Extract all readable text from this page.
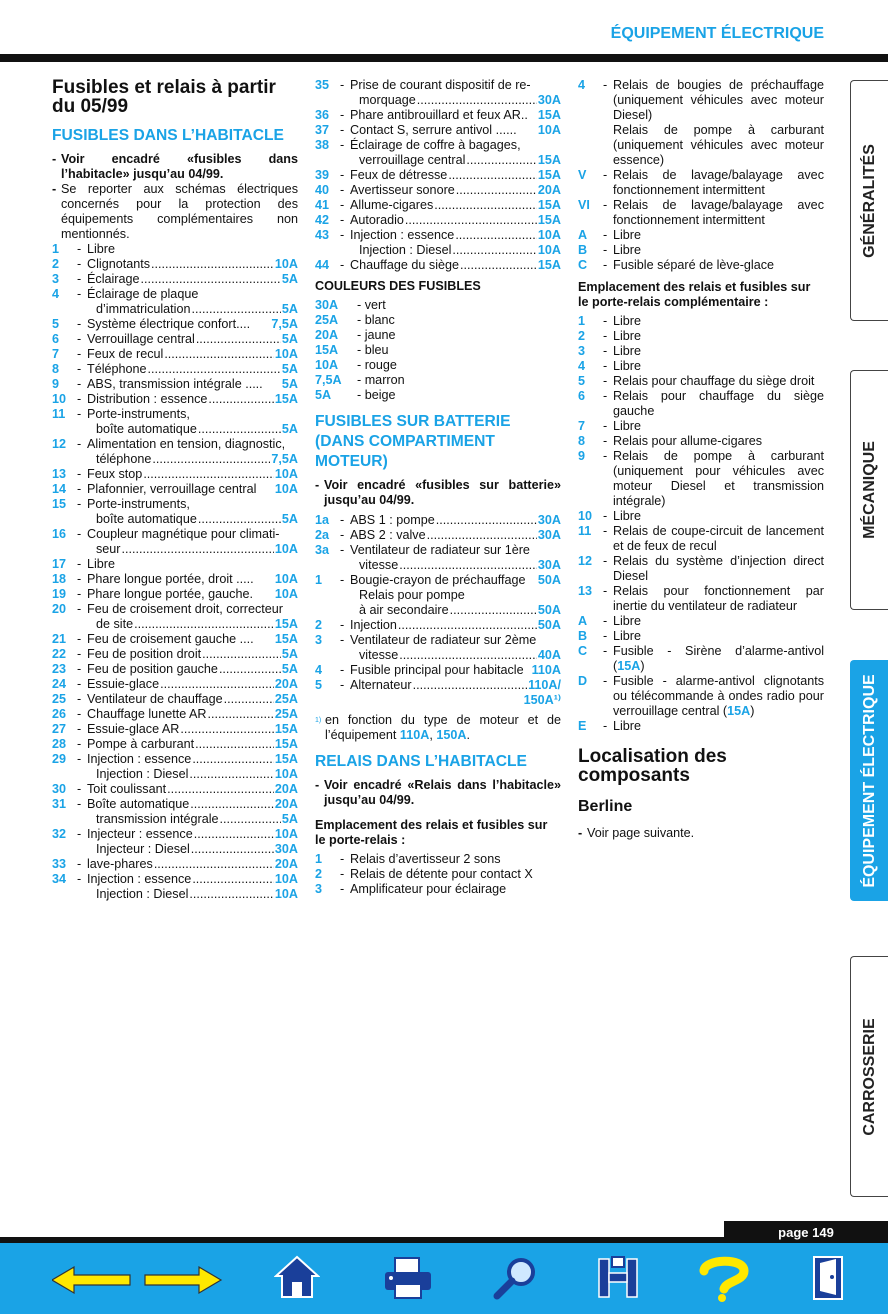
ÉQUIPEMENT ÉLECTRIQUE
Fusibles et relais à partir du 05/99
FUSIBLES DANS L’HABITACLE
- Voir encadré «fusibles dans l’habitacle» jusqu’au 04/99.
- Se reporter aux schémas électriques concernés pour la protection des équipements complémentaires non mentionnés.
1	- Libre
2	- Clignotants .....	10A
3	- Éclairage .....	5A
4	- Éclairage de plaque
d’immatriculation .....	5A
5	- Système électrique confort.... 7,5A
6	- Verrouillage central .....	5A
7	- Feux de recul .....	10A
8	- Téléphone .....	5A
9	- ABS, transmission intégrale ..... 5A
10 - Distribution : essence .....	15A
11 - Porte-instruments,
boîte automatique .....	5A
12 - Alimentation en tension, diagnostic,
téléphone .....	7,5A
13 - Feux stop .....	10A
14 - Plafonnier, verrouillage central 10A
15 - Porte-instruments,
boîte automatique .....	5A
16 - Coupleur magnétique pour climati-
seur .....	10A
17 - Libre
18 - Phare longue portée, droit ..... 10A
19 - Phare longue portée, gauche. 10A
20 - Feu de croisement droit, correcteur
de site .....	15A
21 - Feu de croisement gauche .... 15A
22 - Feu de position droit .....	5A
23 - Feu de position gauche .....	5A
24 - Essuie-glace .....	20A
25 - Ventilateur de chauffage .....	25A
26 - Chauffage lunette AR .....	25A
27 - Essuie-glace AR .....	15A
28 - Pompe à carburant .....	15A
29 - Injection : essence .....	15A
Injection : Diesel .....	10A
30 - Toit coulissant .....	20A
31 - Boîte automatique .....	20A
transmission intégrale .....	5A
32 - Injecteur : essence .....	10A
Injecteur : Diesel .....	30A
33 - lave-phares .....	20A
34 - Injection : essence .....	10A
Injection : Diesel .....	10A
35 - Prise de courant dispositif de re-
morquage .....	30A
36 - Phare antibrouillard et feux AR.. 15A
37 - Contact S, serrure antivol ...... 10A
38 - Éclairage de coffre à bagages,
verrouillage central .....	15A
39 - Feux de détresse .....	15A
40 - Avertisseur sonore .....	20A
41 - Allume-cigares .....	15A
42 - Autoradio .....	15A
43 - Injection : essence .....	10A
Injection : Diesel .....	10A
44 - Chauffage du siège .....	15A
COULEURS DES FUSIBLES
30A	- vert
25A	- blanc
20A	- jaune
15A	- bleu
10A	- rouge
7,5A	- marron
5A	- beige
FUSIBLES SUR BATTERIE (DANS COMPARTIMENT MOTEUR)
- Voir encadré «fusibles sur batterie» jusqu’au 04/99.
1a - ABS 1 : pompe .....	30A
2a - ABS 2 : valve .....	30A
3a - Ventilateur de radiateur sur 1ère
vitesse .....	30A
1	- Bougie-crayon de préchauffage 50A
Relais pour pompe
à air secondaire .....	50A
2	- Injection .....	50A
3	- Ventilateur de radiateur sur 2ème
vitesse .....	40A
4	- Fusible principal pour habitacle 110A
5	- Alternateur .....	110A/
150A¹⁾
1) en fonction du type de moteur et de l’équipement 110A, 150A.
RELAIS DANS L’HABITACLE
- Voir encadré «Relais dans l’habitacle» jusqu’au 04/99.
Emplacement des relais et fusibles sur le porte-relais :
1	- Relais d’avertisseur 2 sons
2	- Relais de détente pour contact X
3	- Amplificateur pour éclairage
4	- Relais de bougies de préchauffage (uniquement véhicules avec moteur Diesel)
Relais de pompe à carburant (uniquement véhicules avec moteur essence)
V	- Relais de lavage/balayage avec fonctionnement intermittent
VI	- Relais de lavage/balayage avec fonctionnement intermittent
A	- Libre
B	- Libre
C	- Fusible séparé de lève-glace
Emplacement des relais et fusibles sur le porte-relais complémentaire :
1	- Libre
2	- Libre
3	- Libre
4	- Libre
5	- Relais pour chauffage du siège droit
6	- Relais pour chauffage du siège gauche
7	- Libre
8	- Relais pour allume-cigares
9	- Relais de pompe à carburant (uniquement pour véhicules avec moteur Diesel et transmission intégrale)
10 - Libre
11 - Relais de coupe-circuit de lancement et de feux de recul
12 - Relais du système d’injection direct Diesel
13 - Relais pour fonctionnement par inertie du ventilateur de radiateur
A	- Libre
B	- Libre
C	- Fusible - Sirène d’alarme-antivol (15A)
D	- Fusible - alarme-antivol clignotants ou télécommande à ondes radio pour verrouillage central (15A)
E	- Libre
Localisation des composants
Berline
- Voir page suivante.
GÉNÉRALITÉS
MÉCANIQUE
ÉQUIPEMENT ÉLECTRIQUE
CARROSSERIE
page 149
